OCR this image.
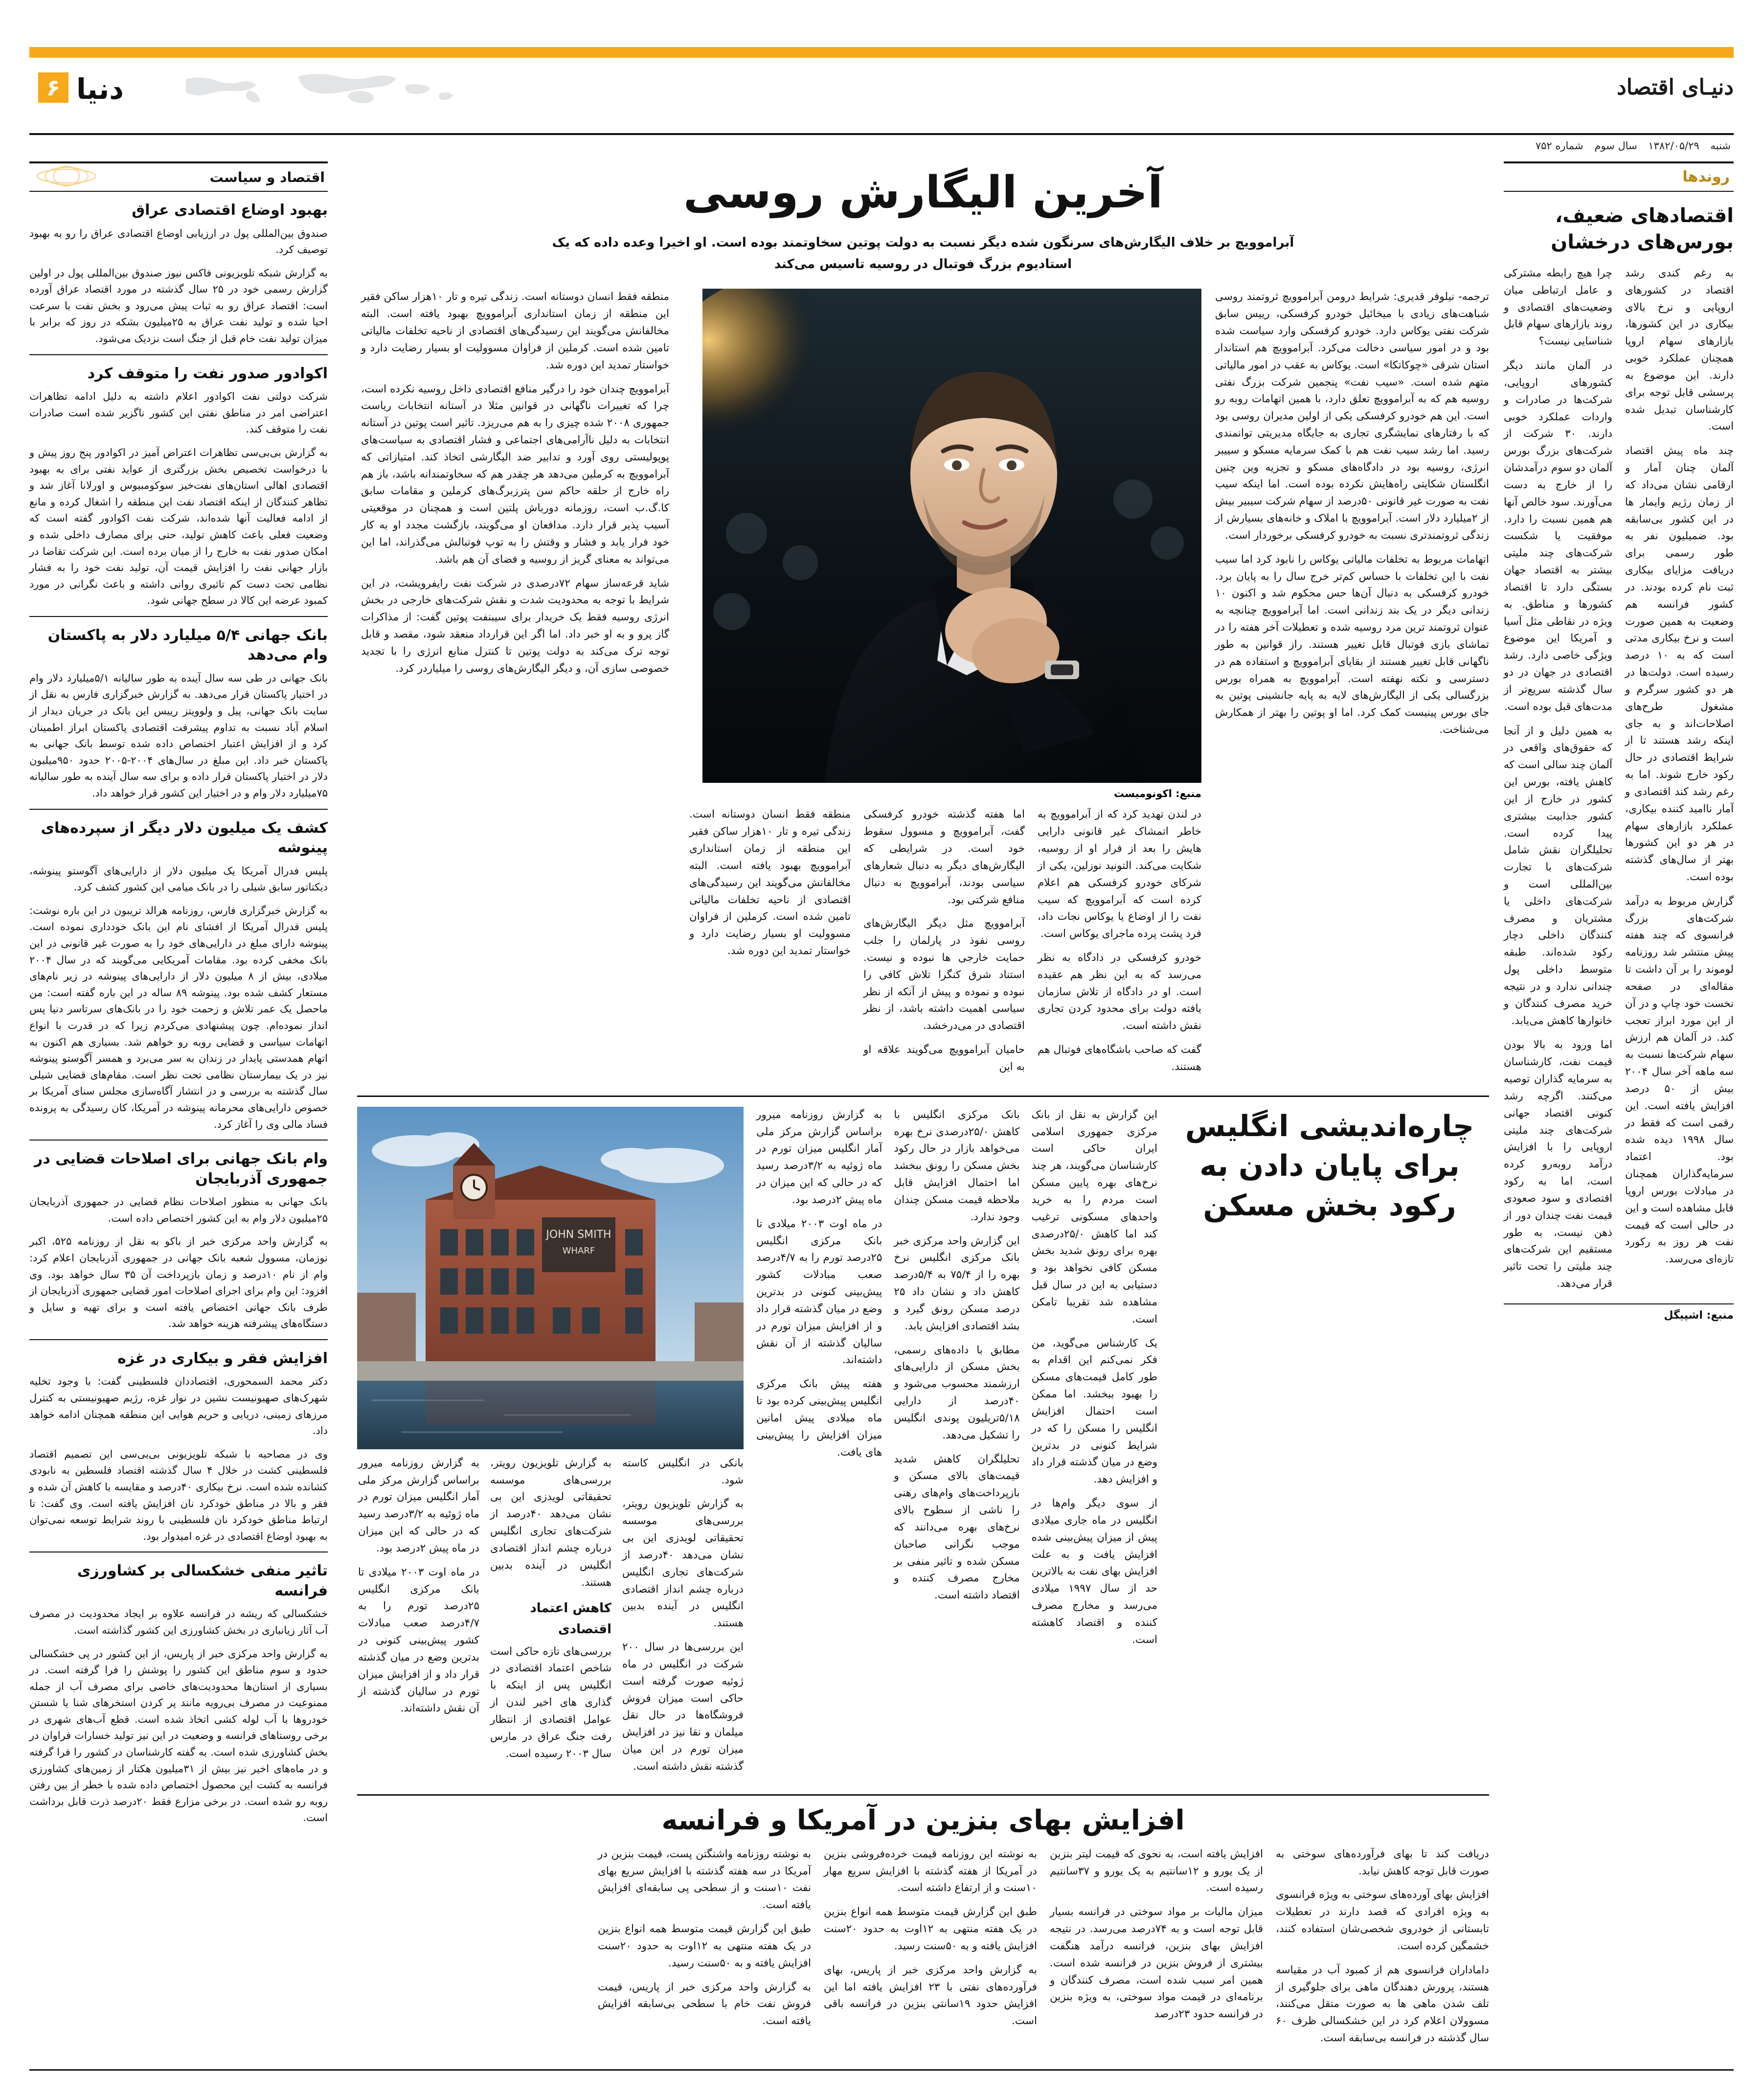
۶ دنیا	دنیـای اقتصاد
شنبه ۱۳۸۲/۰۵/۲۹ سال سوم شماره ۷۵۲
روندها
اقتصادهای ضعیف، بورس‌های درخشان

به رغم کندی رشد اقتصاد در کشورهای اروپایی و نرخ بالای بیکاری در این کشورها، بازارهای سهام اروپا همچنان عملکرد خوبی دارند. این موضوع به پرسشی قابل توجه برای کارشناسان تبدیل شده است.

چند ماه پیش اقتصاد آلمان چنان آمار و ارقامی نشان می‌داد که از زمان رژیم وایمار ها در این کشور بی‌سابقه بود. ضمیلیون نفر به طور رسمی برای دریافت مزایای بیکاری ثبت نام کرده بودند. در کشور فرانسه هم وضعیت به همین صورت است و نرخ بیکاری مدتی است که به ۱۰ درصد رسیده است. دولت‌ها در هر دو کشور سرگرم و مشغول طرح‌های اصلاحات‌اند و به جای اینکه رشد هستند تا از شرایط اقتصادی در حال رکود خارج شوند. اما به رغم رشد کند اقتصادی و آمار ناامید کننده بیکاری، عملکرد بازارهای سهام در هر دو این کشورها بهتر از سال‌های گذشته بوده است.

گزارش مربوط به درآمد شرکت‌های بزرگ فرانسوی که چند هفته پیش منتشر شد روزنامه لوموند را بر آن داشت تا مقاله‌ای در صفحه نخست خود چاپ و در آن از این مورد ابراز تعجب کند. در آلمان هم ارزش سهام شرکت‌ها نسبت به سه ماهه آخر سال ۲۰۰۴ بیش از ۵۰ درصد افزایش یافته است. این رقمی است که فقط در سال ۱۹۹۸ دیده شده بود. اعتماد سرمایه‌گذاران همچنان در مبادلات بورس اروپا قابل مشاهده است و این در حالی است که قیمت نفت هر روز به رکورد تازه‌ای می‌رسد.

چرا هیچ رابطه مشترکی و عامل ارتباطی میان وضعیت‌های اقتصادی و روند بازارهای سهام قابل شناسایی نیست؟

در آلمان مانند دیگر کشورهای اروپایی، شرکت‌ها در صادرات و واردات عملکرد خوبی دارند. ۳۰ شرکت از شرکت‌های بزرگ بورس آلمان دو سوم درآمدشان را از خارج به دست می‌آورند. سود خالص آنها هم همین نسبت را دارد. موفقیت یا شکست شرکت‌های چند ملیتی بیشتر به اقتصاد جهان بستگی دارد تا اقتصاد کشورها و مناطق. به ویژه در نقاطی مثل آسیا و آمریکا این موضوع ویژگی خاصی دارد. رشد اقتصادی در جهان در دو سال گذشته سریع‌تر از مدت‌های قبل بوده است.

به همین دلیل و از آنجا که حقوق‌های واقعی در آلمان چند سالی است که کاهش یافته، بورس این کشور در خارج از این کشور جذابیت بیشتری پیدا کرده است. تحلیلگران نقش شامل شرکت‌های با تجارت بین‌المللی است و شرکت‌های داخلی یا مشتریان و مصرف کنندگان داخلی دچار رکود شده‌اند. طبقه متوسط داخلی پول چندانی ندارد و در نتیجه خرید مصرف کنندگان و خانوارها کاهش می‌یابد.

اما ورود به بالا بودن قیمت نفت، کارشناسان به سرمایه گذاران توصیه می‌کنند. اگرچه رشد کنونی اقتصاد جهانی شرکت‌های چند ملیتی اروپایی را با افزایش درآمد روبه‌رو کرده است، اما به رکود اقتصادی و سود صعودی قیمت نفت چندان دور از ذهن نیست، به طور مستقیم این شرکت‌های چند ملیتی را تحت تاثیر قرار می‌دهد.

منبع: اشپیگل
اقتصاد و سیاست
بهبود اوضاع اقتصادی عراق

صندوق بین‌المللی پول در ارزیابی اوضاع اقتصادی عراق را رو به بهبود توصیف کرد.

به گزارش شبکه تلویزیونی فاکس نیوز صندوق بین‌المللی پول در اولین گزارش رسمی خود در ۲۵ سال گذشته در مورد اقتصاد عراق آورده است: اقتصاد عراق رو به ثبات پیش می‌رود و بخش نفت با سرعت احیا شده و تولید نفت عراق به ۲۵میلیون بشکه در روز که برابر با میزان تولید نفت خام قبل از جنگ است نزدیک می‌شود.

اکوادور صدور نفت را متوقف کرد

شرکت دولتی نفت اکوادور اعلام داشته به دلیل ادامه تظاهرات اعتراضی امر در مناطق نفتی این کشور ناگزیر شده است صادرات نفت را متوقف کند.

به گزارش بی‌بی‌سی تظاهرات اعتراض آمیز در اکوادور پنج روز پیش و با درخواست تخصیص بخش بزرگتری از عواید نفتی برای به بهبود اقتصادی اهالی استان‌های نفت‌خیز سوکومبیوس و اورلانا آغاز شد و تظاهر کنندگان از اینکه اقتصاد نفت این منطقه را اشغال کرده و مانع از ادامه فعالیت آنها شده‌اند، شرکت نفت اکوادور گفته است که وضعیت فعلی باعث کاهش تولید، حتی برای مصارف داخلی شده و امکان صدور نفت به خارج را از میان برده است. این شرکت تقاضا در بازار جهانی نفت را افزایش قیمت آن، تولید نفت خود را به فشار نظامی تحت دست کم تاثیری روانی داشته و باعث نگرانی در مورد کمبود عرضه این کالا در سطح جهانی شود.

بانک جهانی ۵/۴ میلیارد دلار به پاکستان وام می‌دهد

بانک جهانی در طی سه سال آینده به طور سالیانه ۵/۱میلیارد دلار وام در اختیار پاکستان قرار می‌دهد. به گزارش خبرگزاری فارس به نقل از سایت بانک جهانی، پیل و ولوویتز رییس این بانک در جریان دیدار از اسلام آباد نسبت به تداوم پیشرفت اقتصادی پاکستان ابراز اطمینان کرد و از افزایش اعتبار اختصاص داده شده توسط بانک جهانی به پاکستان خبر داد. این مبلغ در سال‌های ۲۰۰۴-۲۰۰۵ حدود ۹۵۰میلیون دلار در اختیار پاکستان قرار داده و برای سه سال آینده به طور سالیانه ۷۵میلیارد دلار وام و در اختیار این کشور قرار خواهد داد.

کشف یک میلیون دلار دیگر از سپرده‌های پینوشه

پلیس فدرال آمریکا یک میلیون دلار از دارایی‌های آگوستو پینوشه، دیکتاتور سابق شیلی را در بانک میامی این کشور کشف کرد.

به گزارش خبرگزاری فارس، روزنامه هرالد تریبون در این باره نوشت: پلیس فدرال آمریکا از افشای نام این بانک خودداری نموده است. پینوشه دارای مبلغ در دارایی‌های خود را به صورت غیر قانونی در این بانک مخفی کرده بود. مقامات آمریکایی می‌گویند که در سال ۲۰۰۴ میلادی، بیش از ۸ میلیون دلار از دارایی‌های پینوشه در زیر نام‌های مستعار کشف شده بود. پینوشه ۸۹ ساله در این باره گفته است: من ماحصل یک عمر تلاش و زحمت خود را در بانک‌های سرتاسر دنیا پس انداز نموده‌ام. چون پیشنهادی می‌کردم زیرا که در قدرت با انواع اتهامات سیاسی و قضایی روبه رو خواهم شد. بسیاری هم اکنون به اتهام همدستی پایدار در زندان به سر می‌برد و همسر آگوستو پینوشه نیز در یک بیمارستان نظامی تحت نظر است. مقام‌های قضایی شیلی سال گذشته به بررسی و در انتشار آگاه‌سازی مجلس سنای آمریکا بر خصوص دارایی‌های محرمانه پینوشه در آمریکا، کان رسیدگی به پرونده فساد مالی وی را آغاز کرد.

وام بانک جهانی برای اصلاحات قضایی در جمهوری آذربایجان

بانک جهانی به منظور اصلاحات نظام قضایی در جمهوری آذربایجان ۲۵میلیون دلار وام به این کشور اختصاص داده است.

به گزارش واحد مرکزی خبر از باکو به نقل از روزنامه ۵۲۵، اکبر نوزمان، مسوول شعبه بانک جهانی در جمهوری آذربایجان اعلام کرد: وام از نام ۱۰درصد و زمان بازپرداخت آن ۳۵ سال خواهد بود. وی افزود: این وام برای اجرای اصلاحات امور قضایی جمهوری آذربایجان از طرف بانک جهانی اختصاص یافته است و برای تهیه و سایل و دستگاه‌های پیشرفته هزینه خواهد شد.

افزایش فقر و بیکاری در غزه

دکتر محمد السمحوری، اقتصاددان فلسطینی گفت: با وجود تخلیه شهرک‌های صهیونیست نشین در نوار غزه، رژیم صهیونیستی به کنترل مرزهای زمینی، دریایی و حریم هوایی این منطقه همچنان ادامه خواهد داد.

وی در مصاحبه با شبکه تلویزیونی بی‌بی‌سی این تصمیم اقتصاد فلسطینی کشت در خلال ۴ سال گذشته اقتصاد فلسطین به نابودی کشانده شده است. نرخ بیکاری ۴۰درصد و مقایسه با کاهش آن شده و فقر و بالا در مناطق خودکرد نان افزایش یافته است. وی گفت: تا ارتباط مناطق خودکرد نان فلسطینی با روند شرایط توسعه نمی‌توان به بهبود اوضاع اقتصادی در غزه امیدوار بود.

تاثیر منفی خشکسالی بر کشاورزی فرانسه

خشکسالی که ریشه در فرانسه علاوه بر ایجاد محدودیت در مصرف آب آثار زیانباری در بخش کشاورزی این کشور گذاشته است.

به گزارش واحد مرکزی خبر از پاریس، از این کشور در پی خشکسالی حدود و سوم مناطق این کشور را پوشش را فرا گرفته است. در بسیاری از استان‌ها محدودیت‌های خاصی برای مصرف آب از جمله ممنوعیت در مصرف بی‌رویه مانند پر کردن استخرهای شنا یا شستن خودروها با آب لوله کشی اتخاذ شده است. قطع آب‌های شهری در برخی روستاهای فرانسه و وضعیت در این نیز تولید خسارات فراوان در بخش کشاورزی شده است. به گفته کارشناسان در کشور را فرا گرفته و در ماه‌های اخیر نیز بیش از ۳۱میلیون هکتار از زمین‌های کشاورزی فرانسه به کشت این محصول اختصاص داده شده با خطر از بین رفتن روبه رو شده است. در برخی مزارع فقط ۲۰درصد ذرت قابل برداشت است.

آخرین الیگارش روسی
آبراموویچ بر خلاف الیگارش‌های سرنگون شده دیگر نسبت به دولت پوتین سخاوتمند بوده است. او اخیرا وعده داده که یک استادیوم بزرگ فوتبال در روسیه تاسیس می‌کند

ترجمه- نیلوفر قدیری: شرایط درومن آبراموویچ ثروتمند روسی شباهت‌های زیادی با میخائیل خودرو کرفسکی، رییس سابق شرکت نفتی یوکاس دارد. خودرو کرفسکی وارد سیاست شده بود و در امور سیاسی دخالت می‌کرد. آبراموویچ هم استاندار استان شرقی «چوکاتکا» است. یوکاس به عقب در امور مالیاتی متهم شده است. «سیب نفت» پنجمین شرکت بزرگ نفتی روسیه هم که به آبراموویچ تعلق دارد، با همین اتهامات روبه رو است. این هم خودرو کرفسکی یکی از اولین مدیران روسی بود که با رفتارهای نمایشگری تجاری به جایگاه مدیریتی توانمندی رسید. اما رشد سیب نفت هم با کمک سرمایه مسکو و سییبر انرژی، روسیه بود در دادگاه‌های مسکو و تجزیه وین چنین انگلستان شکایتی راه‌هایش نکرده بوده است. اما اینکه سیب نفت به صورت غیر قانونی ۵۰درصد از سهام شرکت سیبیر بیش از ۲میلیارد دلار است. آبراموویچ با املاک و خانه‌های بسیارش از زندگی ثروتمندتری نسبت به خودرو کرفسکی برخوردار است.

اتهامات مربوط به تخلفات مالیاتی یوکاس را نابود کرد اما سیب نفت با این تخلفات با حساس کم‌تر خرج سال را به پایان برد. خودرو کرفسکی به دنبال آن‌ها حس محکوم شد و اکنون ۱۰ زندانی دیگر در یک بند زندانی است. اما آبراموویچ چنانچه به عنوان ثروتمند ترین مرد روسیه شده و تعطیلات آخر هفته را در تماشای بازی فوتبال قابل تغییر هستند. راز قوانین به طور ناگهانی قابل تغییر هستند از بقایای آبراموویچ و استفاده هم در دسترسی و نکته نهفته است. آبراموویچ به همراه بورس بزرگسالی یکی از الیگارش‌های لایه به پایه جانشینی پوتین به جای بورس پینیست کمک کرد. اما او پوتین را بهتر از همکارش می‌شناخت.

منبع: اکونومیست

در لندن تهدید کرد که از آبراموویچ به خاطر اتمشاک غیر قانونی دارایی هایش را بعد از فرار او از روسیه، شکایت می‌کند. التونید نوزلین، یکی از شرکای خودرو کرفسکی هم اعلام کرده است که آبراموویچ که سیب نفت را از اوضاع یا یوکاس نجات داد، فرد پشت پرده ماجرای یوکاس است.

خودرو کرفسکی در دادگاه به نظر می‌رسد که به این نظر هم عقیده است. او در دادگاه از تلاش سازمان یافته دولت برای محدود کردن تجاری نقش داشته است.

گفت که صاحب باشگاه‌های فوتبال هم هستند.

اما هفته گذشته خودرو کرفسکی گفت، آبراموویچ و مسوول سقوط خود است. در شرایطی که الیگارش‌های دیگر به دنبال شعارهای سیاسی بودند، آبراموویچ به دنبال منافع شرکتی بود.

آبراموویچ مثل دیگر الیگارش‌های روسی نفوذ در پارلمان را جلب حمایت خارجی ها نبوده و نیست. استناد شرق کنگرا تلاش کافی را نبوده و نموده و پیش از آنکه از نظر سیاسی اهمیت داشته باشد، از نظر اقتصادی در می‌درخشد.

حامیان آبراموویچ می‌گویند علاقه او به این

منطقه فقط انسان دوستانه است. زندگی تیره و تار ۱۰هزار ساکن فقیر این منطقه از زمان استانداری آبراموویچ بهبود یافته است. البته مخالفانش می‌گویند این رسیدگی‌های اقتصادی از ناحیه تخلفات مالیاتی تامین شده است. کرملین از فراوان مسوولیت او بسیار رضایت دارد و خواستار تمدید این دوره شد.

منطقه فقط انسان دوستانه است. زندگی تیره و تار ۱۰هزار ساکن فقیر این منطقه از زمان استانداری آبراموویچ بهبود یافته است. البته مخالفانش می‌گویند این رسیدگی‌های اقتصادی از ناحیه تخلفات مالیاتی تامین شده است. کرملین از فراوان مسوولیت او بسیار رضایت دارد و خواستار تمدید این دوره شد.

آبراموویچ چندان خود را درگیر منافع اقتصادی داخل روسیه نکرده است، چرا که تغییرات ناگهانی در قوانین مثلا در آستانه انتخابات ریاست جمهوری ۲۰۰۸ شده چیزی را به هم می‌ریزد. تاثیر است پوتین در آستانه انتخابات به دلیل ناآرامی‌های اجتماعی و فشار اقتصادی به سیاست‌های پوپولیستی روی آورد و تدابیر ضد الیگارشی اتخاذ کند. امتیازاتی که آبراموویچ به کرملین می‌دهد هر چقدر هم که سخاوتمندانه باشد، باز هم راه خارج از حلقه حاکم سن پترزبرگ‌های کرملین و مقامات سابق کا.گ.ب است، روزمانه دورباش پلتین است و همچنان در موقعیتی آسیب پذیر قرار دارد. مدافعان او می‌گویند، بازگشت مجدد او به کار خود فرار یابد و فشار و وقتش را به توپ فوتبالش می‌گذراند، اما این می‌تواند به معنای گریز از روسیه و فضای آن هم باشد.

شاید قرعه‌ساز سهام ۷۲درصدی در شرکت نفت رایفرویشت، در این شرایط با توجه به محدودیت شدت و نقش شرکت‌های خارجی در بخش انرژی روسیه فقط یک خریدار برای سیبنفت پوتین گفت: از مذاکرات گاز پرو و به او خبر داد. اما اگر این قرارداد منعقد شود، مقصد و قابل توجه ترک می‌کند به دولت پوتین تا کنترل منابع انرژی را با تجدید خصوصی سازی آن، و دیگر الیگارش‌های روسی را میلیاردر کرد.

چاره‌اندیشی انگلیس برای پایان دادن به رکود بخش مسکن

این گزارش به نقل از بانک مرکزی جمهوری اسلامی ایران حاکی است کارشناسان می‌گویند، هر چند نرخ‌های بهره پایین مسکن است مردم را به خرید واحدهای مسکونی ترغیب کند اما کاهش ۲۵/۰درصدی بهره برای رونق شدید بخش مسکن کافی نخواهد بود و دستیابی به این در سال قبل مشاهده شد تقریبا تامکن است.

یک کارشناس می‌گوید، من فکر نمی‌کنم این اقدام به طور کامل قیمت‌های مسکن را بهبود ببخشد. اما ممکن است احتمال افزایش انگلیس را مسکن را که در شرایط کنونی در بدترین وضع در میان گذشته قرار داد و افزایش دهد.

از سوی دیگر وام‌ها در انگلیس در ماه جاری میلادی پیش از میزان پیش‌بینی شده افزایش یافت و به علت افزایش بهای نفت به بالاترین حد از سال ۱۹۹۷ میلادی می‌رسد و مخارج مصرف کننده و اقتصاد کاهشته است.

بانک مرکزی انگلیس با کاهش ۲۵/۰درصدی نرخ بهره می‌خواهد بازار در حال رکود بخش مسکن را رونق ببخشد اما احتمال افزایش قابل ملاحظه قیمت مسکن چندان وجود ندارد.

این گزارش واحد مرکزی خبر بانک مرکزی انگلیس نرخ بهره را از ۷۵/۴ به ۵/۴درصد کاهش داد و نشان داد ۲۵ درصد مسکن رونق گیرد و بشد اقتصادی افزایش یابد.

مطابق با داده‌های رسمی، بخش مسکن از دارایی‌های ارزشمند محسوب می‌شود و ۴۰درصد از دارایی ۵/۱۸تریلیون پوندی انگلیس را تشکیل می‌دهد.

تحلیلگران کاهش شدید قیمت‌های بالای مسکن و بازپرداخت‌های وام‌های رهنی را ناشی از سطوح بالای نرخ‌های بهره می‌دانند که موجب نگرانی صاحبان مسکن شده و تاثیر منفی بر مخارج مصرف کننده و اقتصاد داشته است.

به گزارش روزنامه میرور براساس گزارش مرکز ملی آمار انگلیس میزان تورم در ماه ژوئیه به ۳/۲درصد رسید که در حالی که این میزان در ماه پیش ۲درصد بود.

در ماه اوت ۲۰۰۳ میلادی تا بانک مرکزی انگلیس ۲۵درصد تورم را به ۴/۷درصد صعب مبادلات کشور پیش‌بینی کنونی در بدترین وضع در میان گذشته قرار داد و از افزایش میزان تورم در سالیان گذشته از آن نقش داشته‌اند.

هفته پیش بانک مرکزی انگلیس پیش‌بینی کرده بود تا ماه میلادی پیش امانین میزان افزایش را پیش‌بینی های یافت.

JOHN SMITH
WHARF

بانکی در انگلیس کاسته شود.

به گزارش تلویزیون رویتر، بررسی‌های موسسه تحقیقاتی لویدزی این بی نشان می‌دهد ۴۰درصد از شرکت‌های تجاری انگلیس درباره چشم انداز اقتصادی انگلیس در آینده بدبین هستند.

این بررسی‌ها در سال ۲۰۰ شرکت در انگلیس در ماه ژوئیه صورت گرفته است حاکی است میزان فروش فروشگاه‌ها در حال نقل میلمان و نقا نیز در افزایش میزان تورم در این میان گذشته نقش داشته است.

به گزارش تلویزیون رویتر، بررسی‌های موسسه تحقیقاتی لویدزی این بی نشان می‌دهد ۴۰درصد از شرکت‌های تجاری انگلیس درباره چشم انداز اقتصادی انگلیس در آینده بدبین هستند.

کاهش اعتماد اقتصادی

بررسی‌های تازه حاکی است شاخص اعتماد اقتصادی در انگلیس پس از اینکه با گذاری های اخیر لندن از عوامل اقتصادی از انتظار رفت جنگ عراق در مارس سال ۲۰۰۳ رسیده است.

به گزارش روزنامه میرور براساس گزارش مرکز ملی آمار انگلیس میزان تورم در ماه ژوئیه به ۳/۲درصد رسید که در حالی که این میزان در ماه پیش ۲درصد بود.

در ماه اوت ۲۰۰۳ میلادی تا بانک مرکزی انگلیس ۲۵درصد تورم را به ۴/۷درصد صعب مبادلات کشور پیش‌بینی کنونی در بدترین وضع در میان گذشته قرار داد و از افزایش میزان تورم در سالیان گذشته از آن نقش داشته‌اند.

افزایش بهای بنزین در آمریکا و فرانسه

دریافت کند تا بهای فرآورده‌های سوختی به صورت قابل توجه کاهش نیابد.

افزایش بهای آورده‌های سوختی به ویژه فرانسوی به ویژه افرادی که قصد دارند در تعطیلات تابستانی از خودروی شخصی‌شان استفاده کنند، خشمگین کرده است.

داماداران فرانسوی هم از کمبود آب در مقیاسه هستند، پرورش دهندگان ماهی برای جلوگیری از تلف شدن ماهی ها به صورت متقل می‌کنند، مسوولان اعلام کرد در این خشکسالی ظرف ۶۰ سال گذشته در فرانسه بی‌سابقه است.

افزایش یافته است، به نحوی که قیمت لیتر بنزین از یک یورو و ۱۲سانتیم به یک یورو و ۳۷سانتیم رسیده است.

میزان مالیات بر مواد سوختی در فرانسه بسیار قابل توجه است و به ۷۴درصد می‌رسد. در نتیجه افزایش بهای بنزین، فرانسه درآمد هنگفت بیشتری از فروش بنزین در فرانسه شده است. همین امر سبب شده است، مصرف کنندگان و برنامه‌ای در قیمت مواد سوختی، به ویژه بنزین در فرانسه حدود ۲۳درصد

به نوشته این روزنامه قیمت خرده‌فروشی بنزین در آمریکا از هفته گذشته با افزایش سریع مهار ۱۰سنت و از ارتفاع داشته است.

طبق این گزارش قیمت متوسط همه انواع بنزین در یک هفته منتهی به ۱۲اوت به حدود ۲۰سنت افزایش یافته و به ۵۰سنت رسید.

به گزارش واحد مرکزی خبر از پاریس، بهای فرآورده‌های نفتی با ۲۳ افزایش یافته اما این افزایش حدود ۱۹سانتی بنزین در فرانسه باقی است.

به نوشته روزنامه واشنگتن پست، قیمت بنزین در آمریکا در سه هفته گذشته با افزایش سریع بهای نفت ۱۰سنت و از سطحی پی سابقه‌ای افزایش یافته است.

طبق این گزارش قیمت متوسط همه انواع بنزین در یک هفته منتهی به ۱۲اوت به حدود ۲۰سنت افزایش یافته و به ۵۰سنت رسید.

به گزارش واحد مرکزی خبر از پاریس، قیمت فروش نفت خام با سطحی بی‌سابقه افزایش یافته است.
